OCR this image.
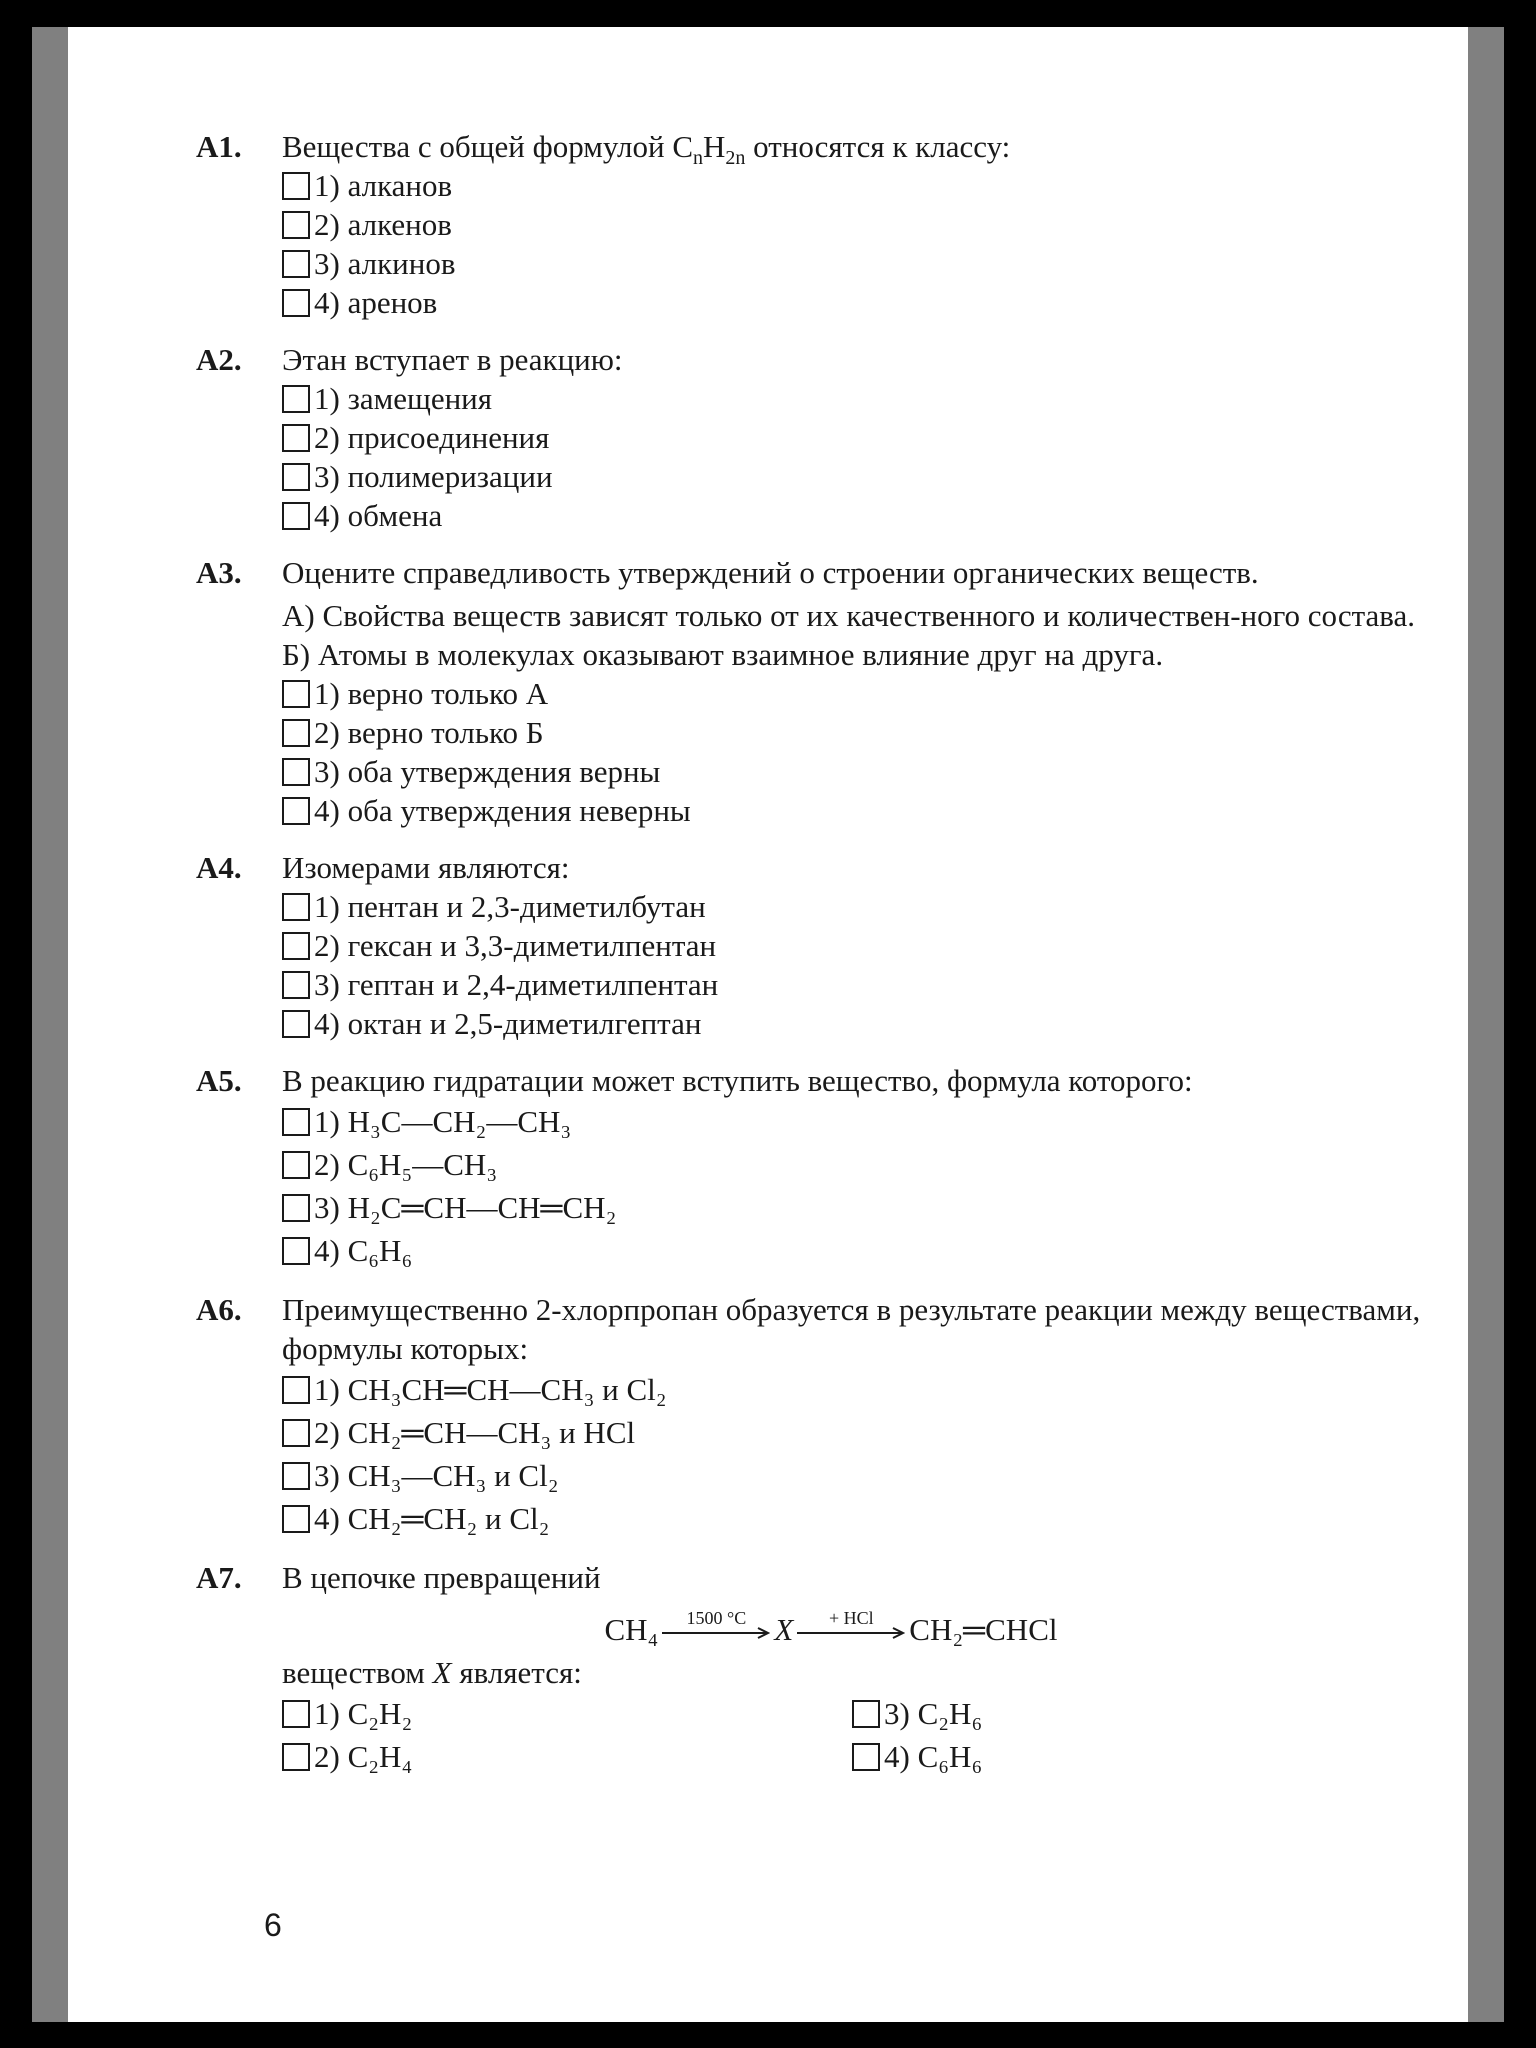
А1.	Вещества с общей формулой $C_nH_{2n}$ относятся к классу:
1) алканов
2) алкенов
3) алкинов
4) аренов
А2.	Этан вступает в реакцию:
1) замещения
2) присоединения
3) полимеризации
4) обмена
А3.	Оцените справедливость утверждений о строении органических веществ.
А) Свойства веществ зависят только от их качественного и количествен-ного состава.
Б) Атомы в молекулах оказывают взаимное влияние друг на друга.
1) верно только А
2) верно только Б
3) оба утверждения верны
4) оба утверждения неверны
А4.	Изомерами являются:
1) пентан и 2,3-диметилбутан
2) гексан и 3,3-диметилпентан
3) гептан и 2,4-диметилпентан
4) октан и 2,5-диметилгептан
А5.	В реакцию гидратации может вступить вещество, формула которого:
1) H₃C—CH₂—CH₃
2) C₆H₅—CH₃
3) H₂C═CH—CH═CH₂
4) C₆H₆
А6.	Преимущественно 2-хлорпропан образуется в результате реакции между веществами, формулы которых:
1) CH₃CH═CH—CH₃ и Cl₂
2) CH₂═CH—CH₃ и HCl
3) CH₃—CH₃ и Cl₂
4) CH₂═CH₂ и Cl₂
А7.	В цепочке превращений
CH₄	1500 °C X	+ HCl	CH₂═CHCl
веществом X является:
1) C₂H₂
2) C₂H₄
3) C₂H₆
4) C₆H₆
6
